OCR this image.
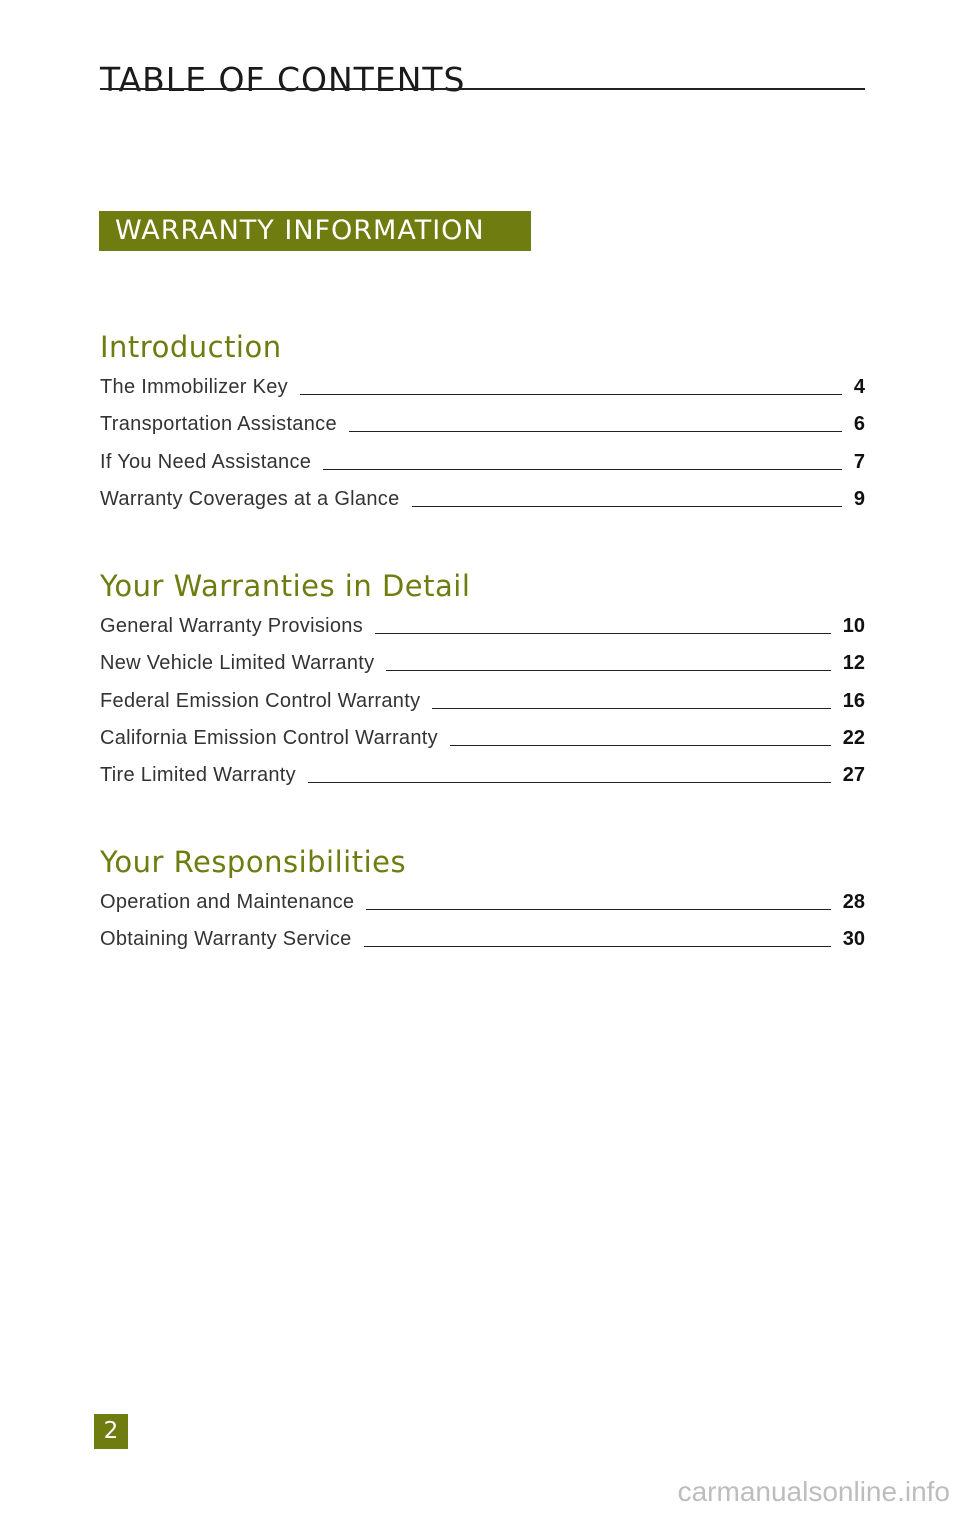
TABLE OF CONTENTS
WARRANTY INFORMATION
Introduction
The Immobilizer Key	4
Transportation Assistance	6
If You Need Assistance	7
Warranty Coverages at a Glance	9
Your Warranties in Detail
General Warranty Provisions	10
New Vehicle Limited Warranty	12
Federal Emission Control Warranty	16
California Emission Control Warranty	22
Tire Limited Warranty	27
Your Responsibilities
Operation and Maintenance	28
Obtaining Warranty Service	30
2
carmanualsonline.info
